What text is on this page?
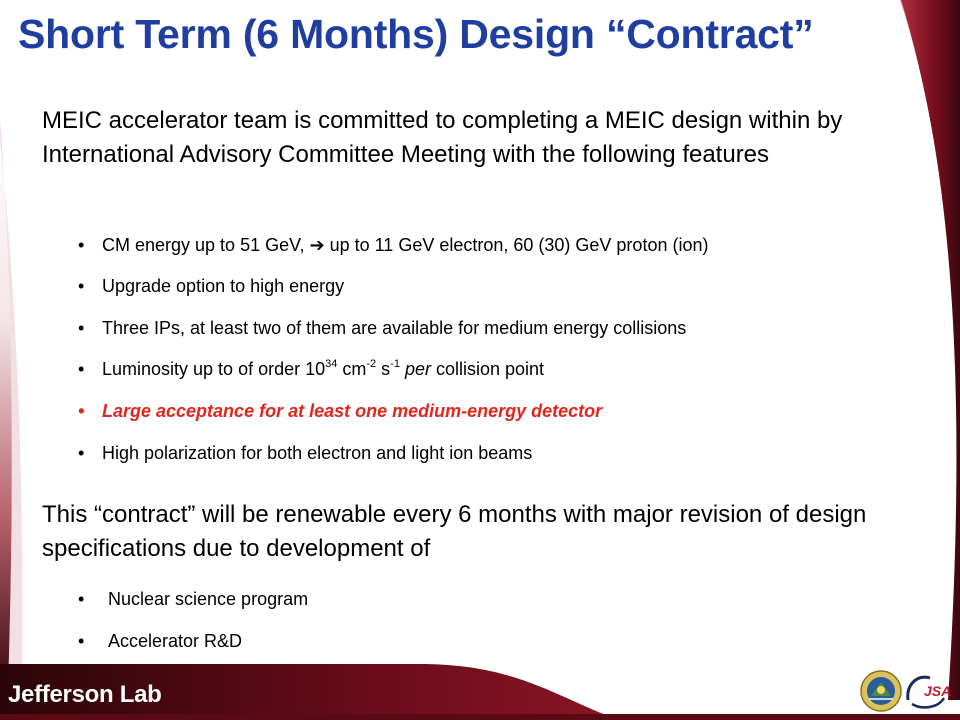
Short Term (6 Months) Design “Contract”

MEIC accelerator team is committed to completing a MEIC design within by International Advisory Committee Meeting with the following features

• CM energy up to 51 GeV, ➔ up to 11 GeV electron, 60 (30) GeV proton (ion)
• Upgrade option to high energy
• Three IPs, at least two of them are available for medium energy collisions
• Luminosity up to of order $10^{34}$ $cm^{-2}$ $s^{-1}$ per collision point
• Large acceptance for at least one medium-energy detector
• High polarization for both electron and light ion beams

This “contract” will be renewable every 6 months with major revision of design specifications due to development of

• Nuclear science program
• Accelerator R&D
Jefferson Lab	JSA
